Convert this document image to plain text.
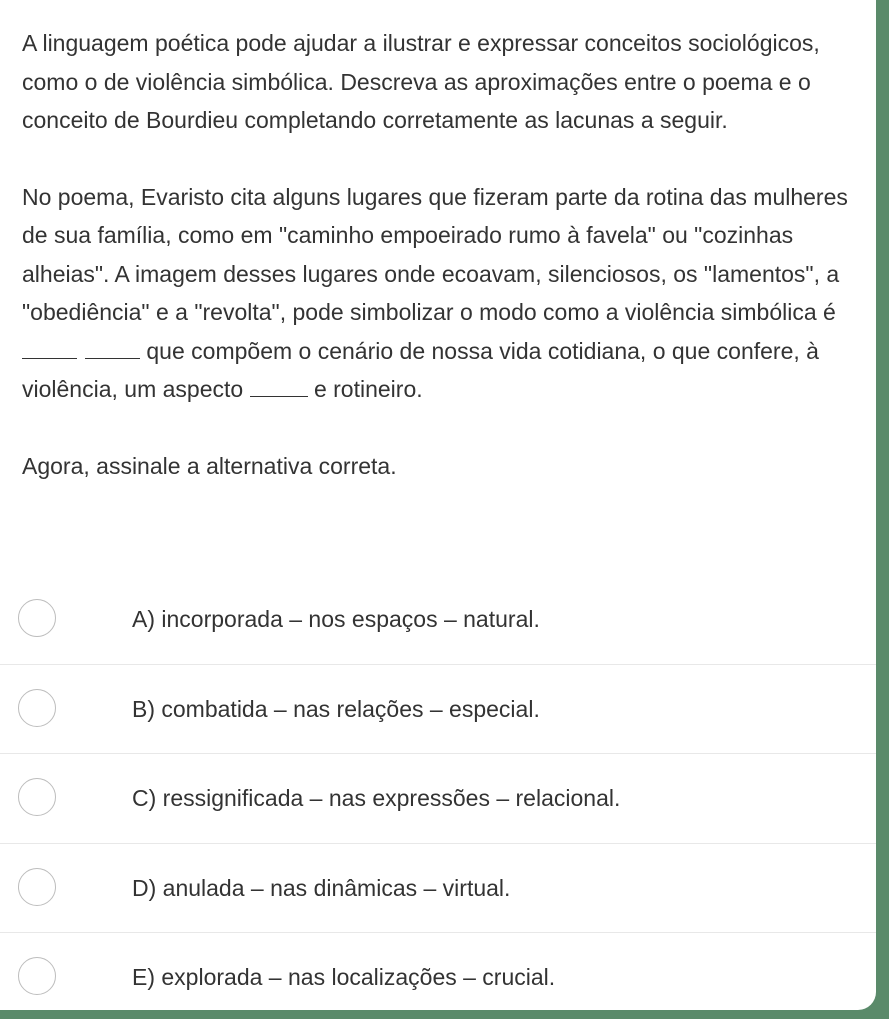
A linguagem poética pode ajudar a ilustrar e expressar conceitos sociológicos, como o de violência simbólica. Descreva as aproximações entre o poema e o conceito de Bourdieu completando corretamente as lacunas a seguir.

No poema, Evaristo cita alguns lugares que fizeram parte da rotina das mulheres de sua família, como em "caminho empoeirado rumo à favela" ou "cozinhas alheias". A imagem desses lugares onde ecoavam, silenciosos, os "lamentos", a "obediência" e a "revolta", pode simbolizar o modo como a violência simbólica é  que compõem o cenário de nossa vida cotidiana, o que confere, à violência, um aspecto	e rotineiro.

Agora, assinale a alternativa correta.

A) incorporada – nos espaços – natural.
B) combatida – nas relações – especial.
C) ressignificada – nas expressões – relacional.
D) anulada – nas dinâmicas – virtual.
E) explorada – nas localizações – crucial.
